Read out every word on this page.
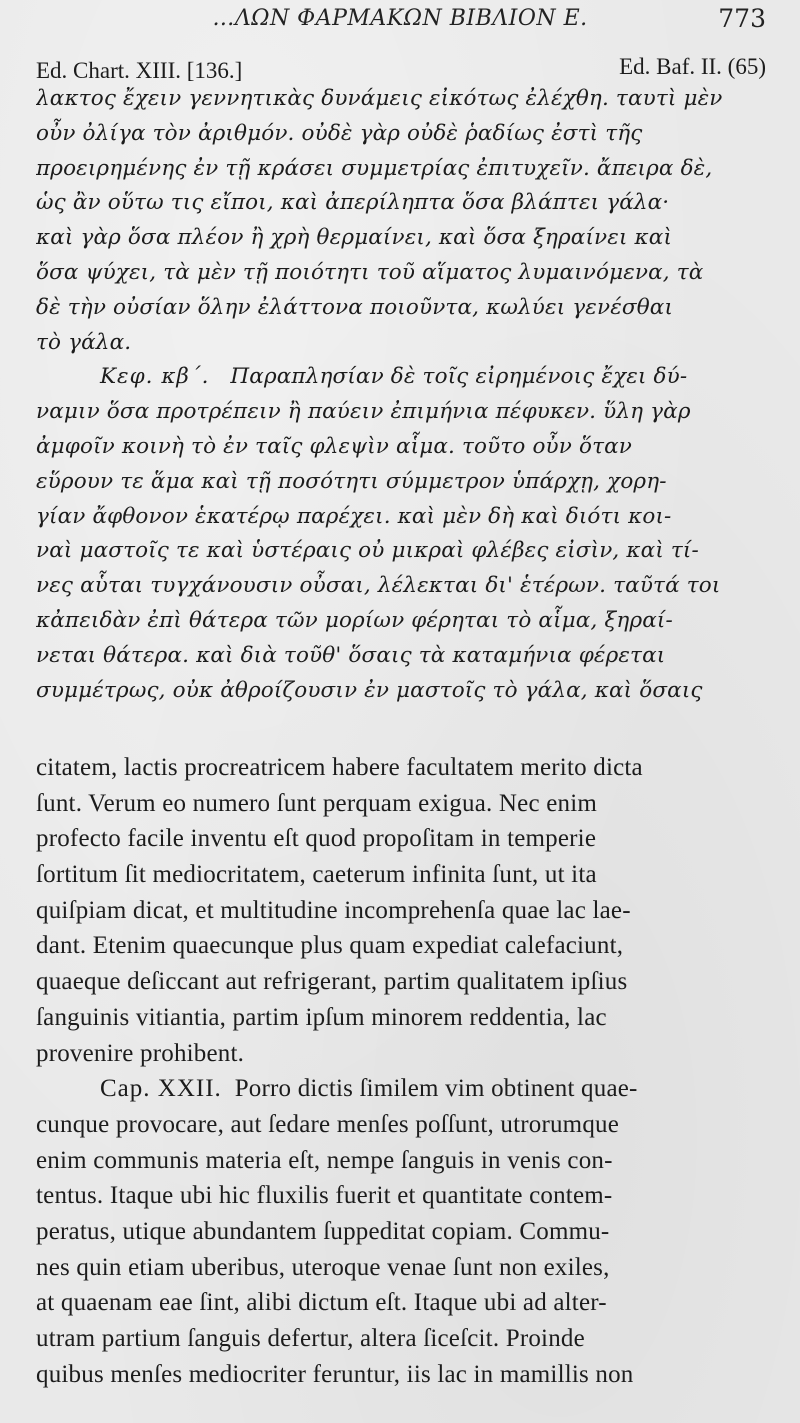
…ΛΩΝ ΦΑΡΜΑΚΩΝ ΒΙΒΛΙΟΝ Ε.	773
Ed. Chart. XIII. [136.]	Ed. Baf. II. (65)
λακτος ἔχειν γεννητικὰς δυνάμεις εἰκότως ἐλέχθη. ταυτὶ μὲν
οὖν ὀλίγα τὸν ἀριθμόν. οὐδὲ γὰρ οὐδὲ ῥαδίως ἐστὶ τῆς
προειρημένης ἐν τῇ κράσει συμμετρίας ἐπιτυχεῖν. ἄπειρα δὲ,
ὡς ἂν οὕτω τις εἴποι, καὶ ἀπερίληπτα ὅσα βλάπτει γάλα·
καὶ γὰρ ὅσα πλέον ἢ χρὴ θερμαίνει, καὶ ὅσα ξηραίνει καὶ
ὅσα ψύχει, τὰ μὲν τῇ ποιότητι τοῦ αἵματος λυμαινόμενα, τὰ
δὲ τὴν οὐσίαν ὅλην ἐλάττονα ποιοῦντα, κωλύει γενέσθαι
τὸ γάλα.
Κεφ. κβ΄. Παραπλησίαν δὲ τοῖς εἰρημένοις ἔχει δύ-
ναμιν ὅσα προτρέπειν ἢ παύειν ἐπιμήνια πέφυκεν. ὕλη γὰρ
ἀμφοῖν κοινὴ τὸ ἐν ταῖς φλεψὶν αἷμα. τοῦτο οὖν ὅταν
εὕρουν τε ἅμα καὶ τῇ ποσότητι σύμμετρον ὑπάρχῃ, χορη-
γίαν ἄφθονον ἑκατέρῳ παρέχει. καὶ μὲν δὴ καὶ διότι κοι-
ναὶ μαστοῖς τε καὶ ὑστέραις οὐ μικραὶ φλέβες εἰσὶν, καὶ τί-
νες αὗται τυγχάνουσιν οὖσαι, λέλεκται δι' ἑτέρων. ταῦτά τοι
κἀπειδὰν ἐπὶ θάτερα τῶν μορίων φέρηται τὸ αἷμα, ξηραί-
νεται θάτερα. καὶ διὰ τοῦθ' ὅσαις τὰ καταμήνια φέρεται
συμμέτρως, οὐκ ἀθροίζουσιν ἐν μαστοῖς τὸ γάλα, καὶ ὅσαις
citatem, lactis procreatricem habere facultatem merito dicta
ſunt. Verum eo numero ſunt perquam exigua. Nec enim
profecto facile inventu eſt quod propoſitam in temperie
ſortitum ſit mediocritatem, caeterum infinita ſunt, ut ita
quiſpiam dicat, et multitudine incomprehenſa quae lac lae-
dant. Etenim quaecunque plus quam expediat calefaciunt,
quaeque deſiccant aut refrigerant, partim qualitatem ipſius
ſanguinis vitiantia, partim ipſum minorem reddentia, lac
provenire prohibent.
Cap. XXII. Porro dictis ſimilem vim obtinent quae-
cunque provocare, aut ſedare menſes poſſunt, utrorumque
enim communis materia eſt, nempe ſanguis in venis con-
tentus. Itaque ubi hic fluxilis fuerit et quantitate contem-
peratus, utique abundantem ſuppeditat copiam. Commu-
nes quin etiam uberibus, uteroque venae ſunt non exiles,
at quaenam eae ſint, alibi dictum eſt. Itaque ubi ad alter-
utram partium ſanguis defertur, altera ſiceſcit. Proinde
quibus menſes mediocriter feruntur, iis lac in mamillis non
